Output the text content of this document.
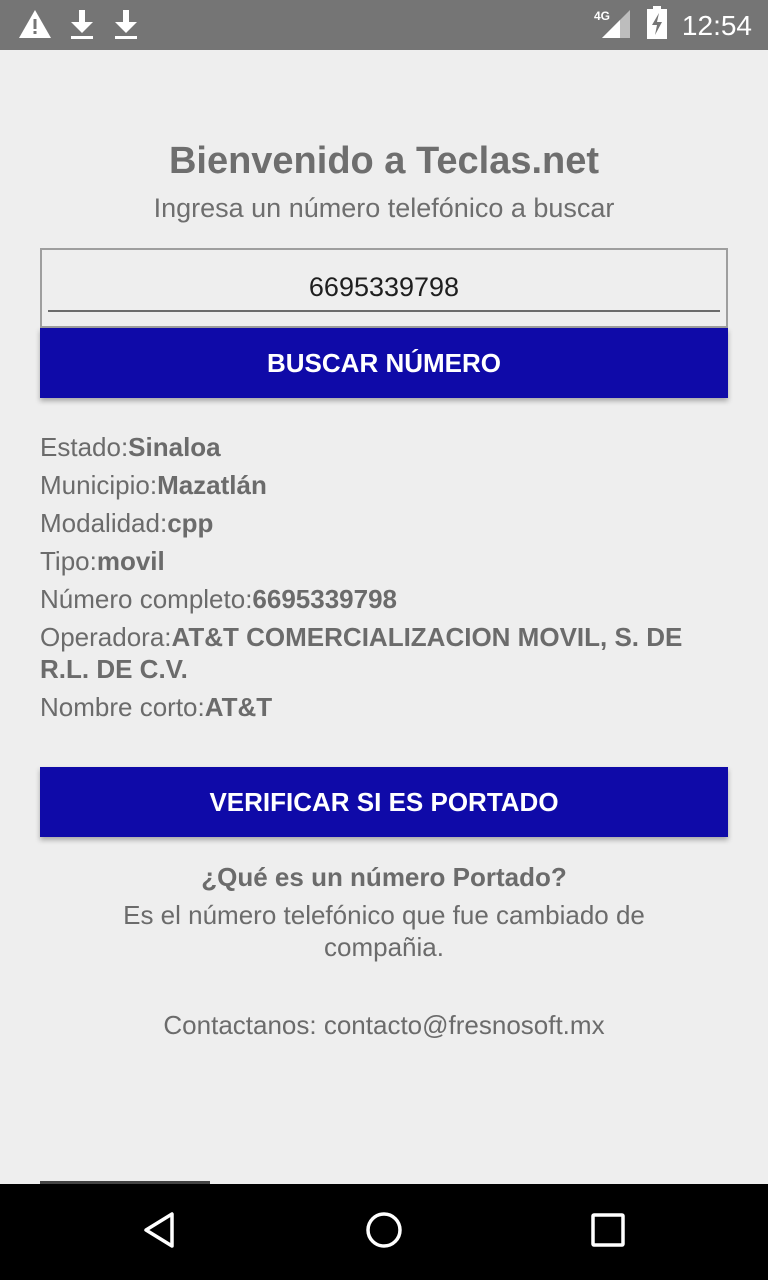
4G	12:54
Bienvenido a Teclas.net
Ingresa un número telefónico a buscar
6695339798
BUSCAR NÚMERO
Estado:Sinaloa
Municipio:Mazatlán
Modalidad:cpp
Tipo:movil
Número completo:6695339798
Operadora:AT&T COMERCIALIZACION MOVIL, S. DE R.L. DE C.V.
Nombre corto:AT&T
VERIFICAR SI ES PORTADO
¿Qué es un número Portado?
Es el número telefónico que fue cambiado de compañia.
Contactanos: contacto@fresnosoft.mx
